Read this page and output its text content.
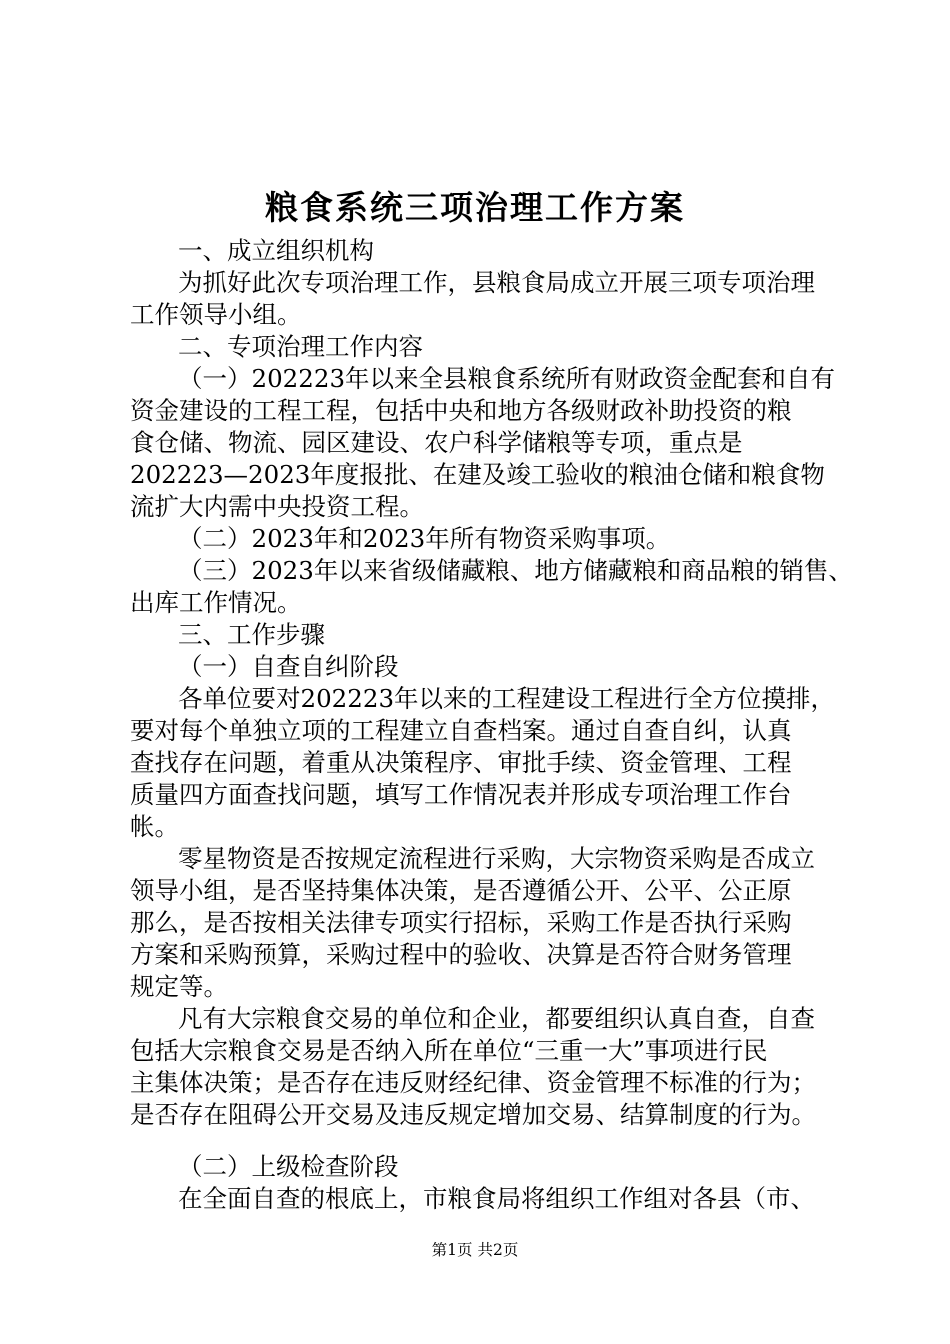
粮食系统三项治理工作方案
一、成立组织机构
为抓好此次专项治理工作，县粮食局成立开展三项专项治理
工作领导小组。
二、专项治理工作内容
（一）202223年以来全县粮食系统所有财政资金配套和自有
资金建设的工程工程，包括中央和地方各级财政补助投资的粮
食仓储、物流、园区建设、农户科学储粮等专项，重点是
202223—2023年度报批、在建及竣工验收的粮油仓储和粮食物
流扩大内需中央投资工程。
（二）2023年和2023年所有物资采购事项。
（三）2023年以来省级储藏粮、地方储藏粮和商品粮的销售、
出库工作情况。
三、工作步骤
（一）自查自纠阶段
各单位要对202223年以来的工程建设工程进行全方位摸排，
要对每个单独立项的工程建立自查档案。通过自查自纠，认真
查找存在问题，着重从决策程序、审批手续、资金管理、工程
质量四方面查找问题，填写工作情况表并形成专项治理工作台
帐。
零星物资是否按规定流程进行采购，大宗物资采购是否成立
领导小组，是否坚持集体决策，是否遵循公开、公平、公正原
那么，是否按相关法律专项实行招标，采购工作是否执行采购
方案和采购预算，采购过程中的验收、决算是否符合财务管理
规定等。
凡有大宗粮食交易的单位和企业，都要组织认真自查，自查
包括大宗粮食交易是否纳入所在单位“三重一大”事项进行民
主集体决策；是否存在违反财经纪律、资金管理不标准的行为；
是否存在阻碍公开交易及违反规定增加交易、结算制度的行为。
（二）上级检查阶段
在全面自查的根底上，市粮食局将组织工作组对各县（市、
第1页 共2页
